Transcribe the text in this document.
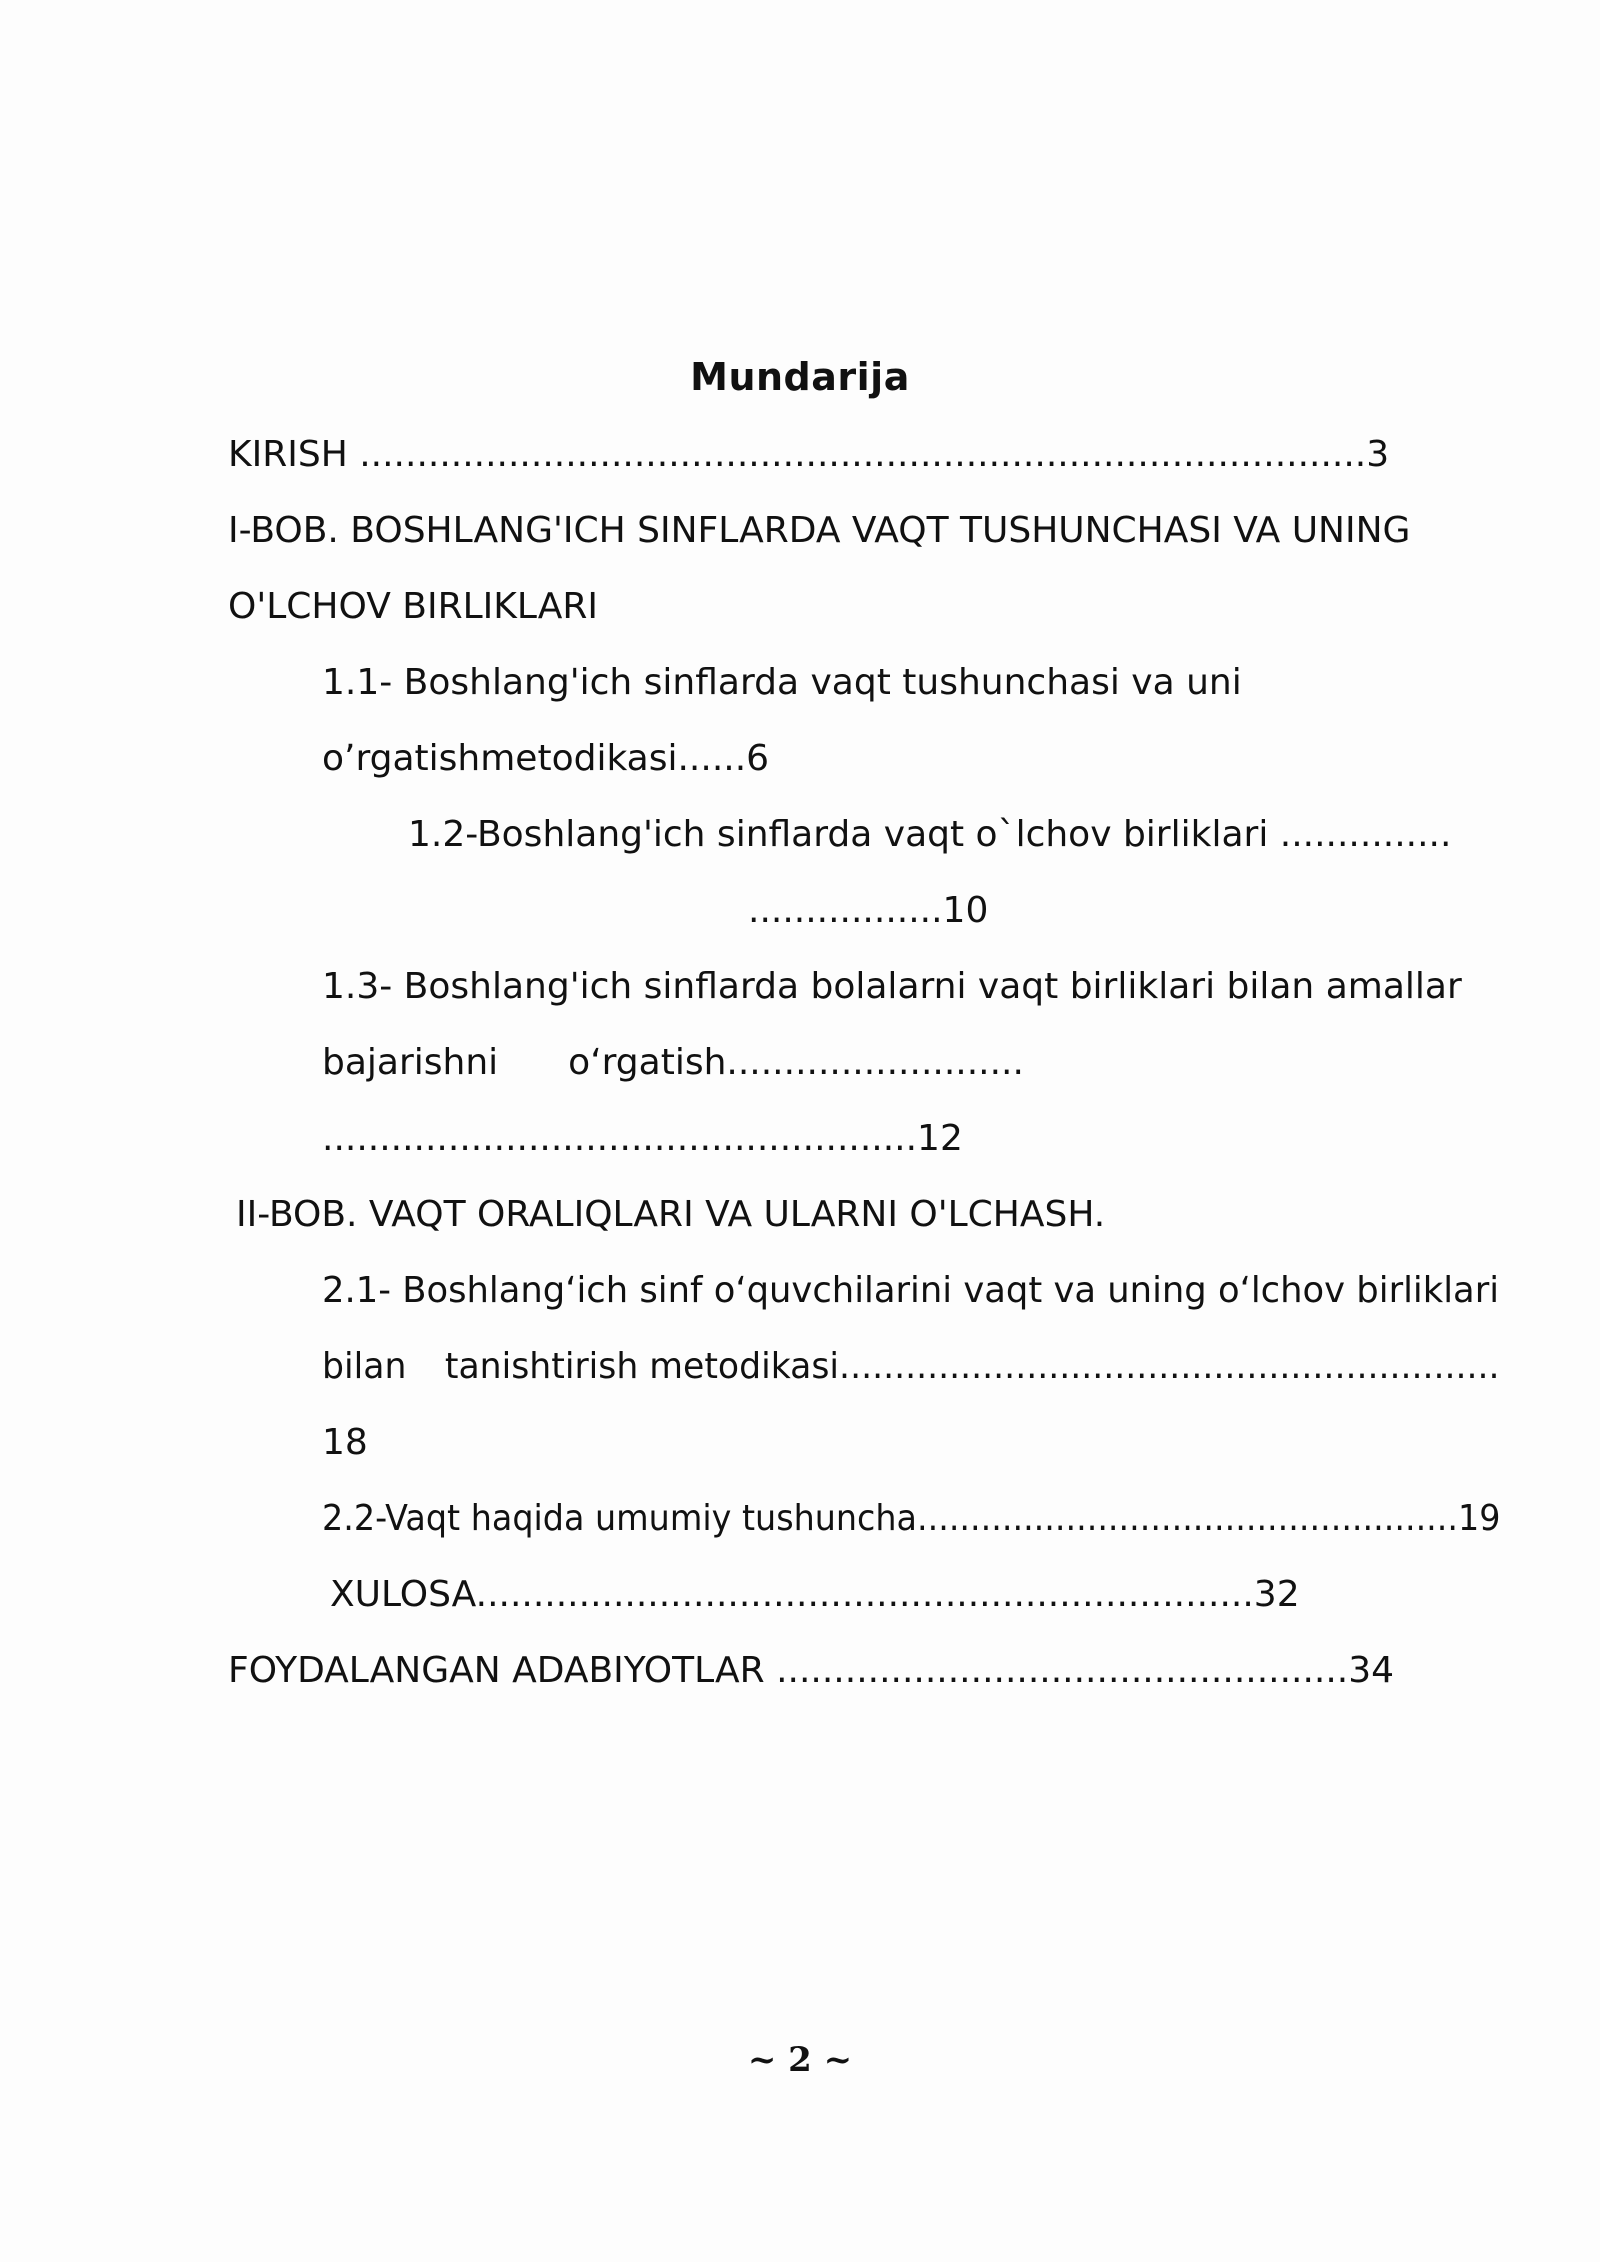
Mundarija
KIRISH ........................................................................................3
I-BOB. BOSHLANG'ICH SINFLARDA VAQT TUSHUNCHASI VA UNING
O'LCHOV BIRLIKLARI
1.1- Boshlang'ich sinflarda vaqt tushunchasi va uni
o’rgatishmetodikasi......6
1.2-Boshlang'ich sinflarda vaqt o`lchov birliklari ...............
.................10
1.3- Boshlang'ich sinflarda bolalarni vaqt birliklari bilan amallar
bajarishni o‘rgatish..........................
....................................................12
II-BOB. VAQT ORALIQLARI VA ULARNI O'LCHASH.
2.1- Boshlang‘ich sinf o‘quvchilarini vaqt va uning o‘lchov birliklari
bilan tanishtirish metodikasi............................................................
18
2.2-Vaqt haqida umumiy tushuncha...................................................19
XULOSA....................................................................32
FOYDALANGAN ADABIYOTLAR ..................................................34
~ 2 ~
